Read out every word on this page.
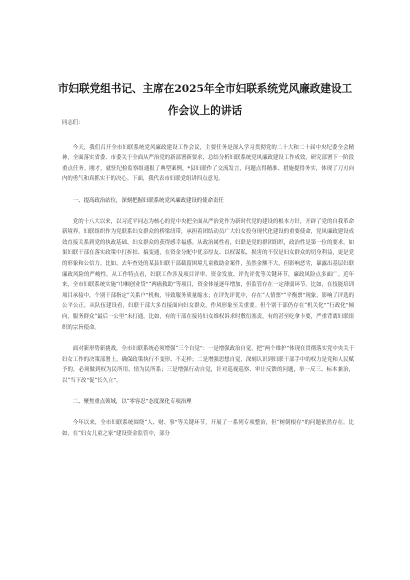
市妇联党组书记、主席在2025年全市妇联系统党风廉政建设工
作会议上的讲话

同志们：

今天，我们召开全市妇联系统党风廉政建设工作会议，主要任务是深入学习贯彻党的二十大和二十届中央纪委全会精神，全面落实省委、市委关于全面从严治党的新部署新要求，总结分析妇联系统党风廉政建设工作成效，研究部署下一阶段重点任务。刚才，就驻纪检监察组通报了典型案例，*县妇联作了交流发言，问题点得精准、措施提得务实，体现了刀刃向内的勇气和真抓实干的决心。下面，我代表市妇联党组讲四点意见。

一、提高政治站位，深刻把握妇联系统党风廉政建设的使命责任

党的十八大以来，以习近平同志为核心的党中央把全面从严治党作为新时代党的建设的根本方针，开辟了党的自我革命新境界。妇联组织作为党联系妇女群众的桥梁纽带，承担着团结动员广大妇女投身现代化建设的重要使命，党风廉政建设成效直接关系到党的执政基础、妇女群众的获得感幸福感。从政治属性看，妇联是党的群团组织，政治性是第一位的要求，如果妇联干部在落实政策中打折扣、搞变通，在资金分配中优亲厚友、以权谋私，损害的不仅是妇女群众的切身利益，更是党的形象和公信力。比如，去年查处的某县妇联干部截留困境儿童救助金案件，虽然金额不大，但影响恶劣，暴露出基层妇联廉政风险的严峻性。从工作特点看，妇联工作涉及项目评审、资金发放、评先评优等关键环节，廉政风险点多面广。近年来，全市妇联系统实施“巾帼创业贷”“两癌救助”等项目，资金体量逐年增加，但监管存在一定薄弱环节。比如，在技能培训项目承接中，个别干部指定“关系户”机构，导致服务质量缩水；在评先评优中，存在“人情票”“平衡票”现象，影响了评选的公平公正，从队伍建设看，妇联干部大多直接面向妇女群众，作风形象至关重要。但个别干部仍存在“机关化”“行政化”倾向，服务群众“最后一公里”未打通。比如，有的干部在接待妇女维权诉求时敷衍塞责，有的甚至吃拿卡要，严重背离妇联组织的宗旨使命。

面对新形势新挑战，全市妇联系统必须增强“三个自觉”：一是增强政治自觉，把“两个维护”体现在贯彻落实党中央关于妇女工作的决策部署上，确保政策执行不变形、不走样；二是增强思想自觉，深刻认识到妇联干部手中的权力是党和人民赋予的，必须做到权为民所用、情为民所系；三是增强行动自觉，针对巡视巡察、审计反馈的问题，举一反三、标本兼治，以“当下改”促“长久立”。

二、聚焦重点领域，以“零容忍”态度深化专项治理

今年以来，全市妇联系统围绕“人、财、事”等关键环节，开展了一系列专项整治，但“树倒根存”的问题依然存在。比如，在“妇女儿童之家”建设资金监管中，部分
